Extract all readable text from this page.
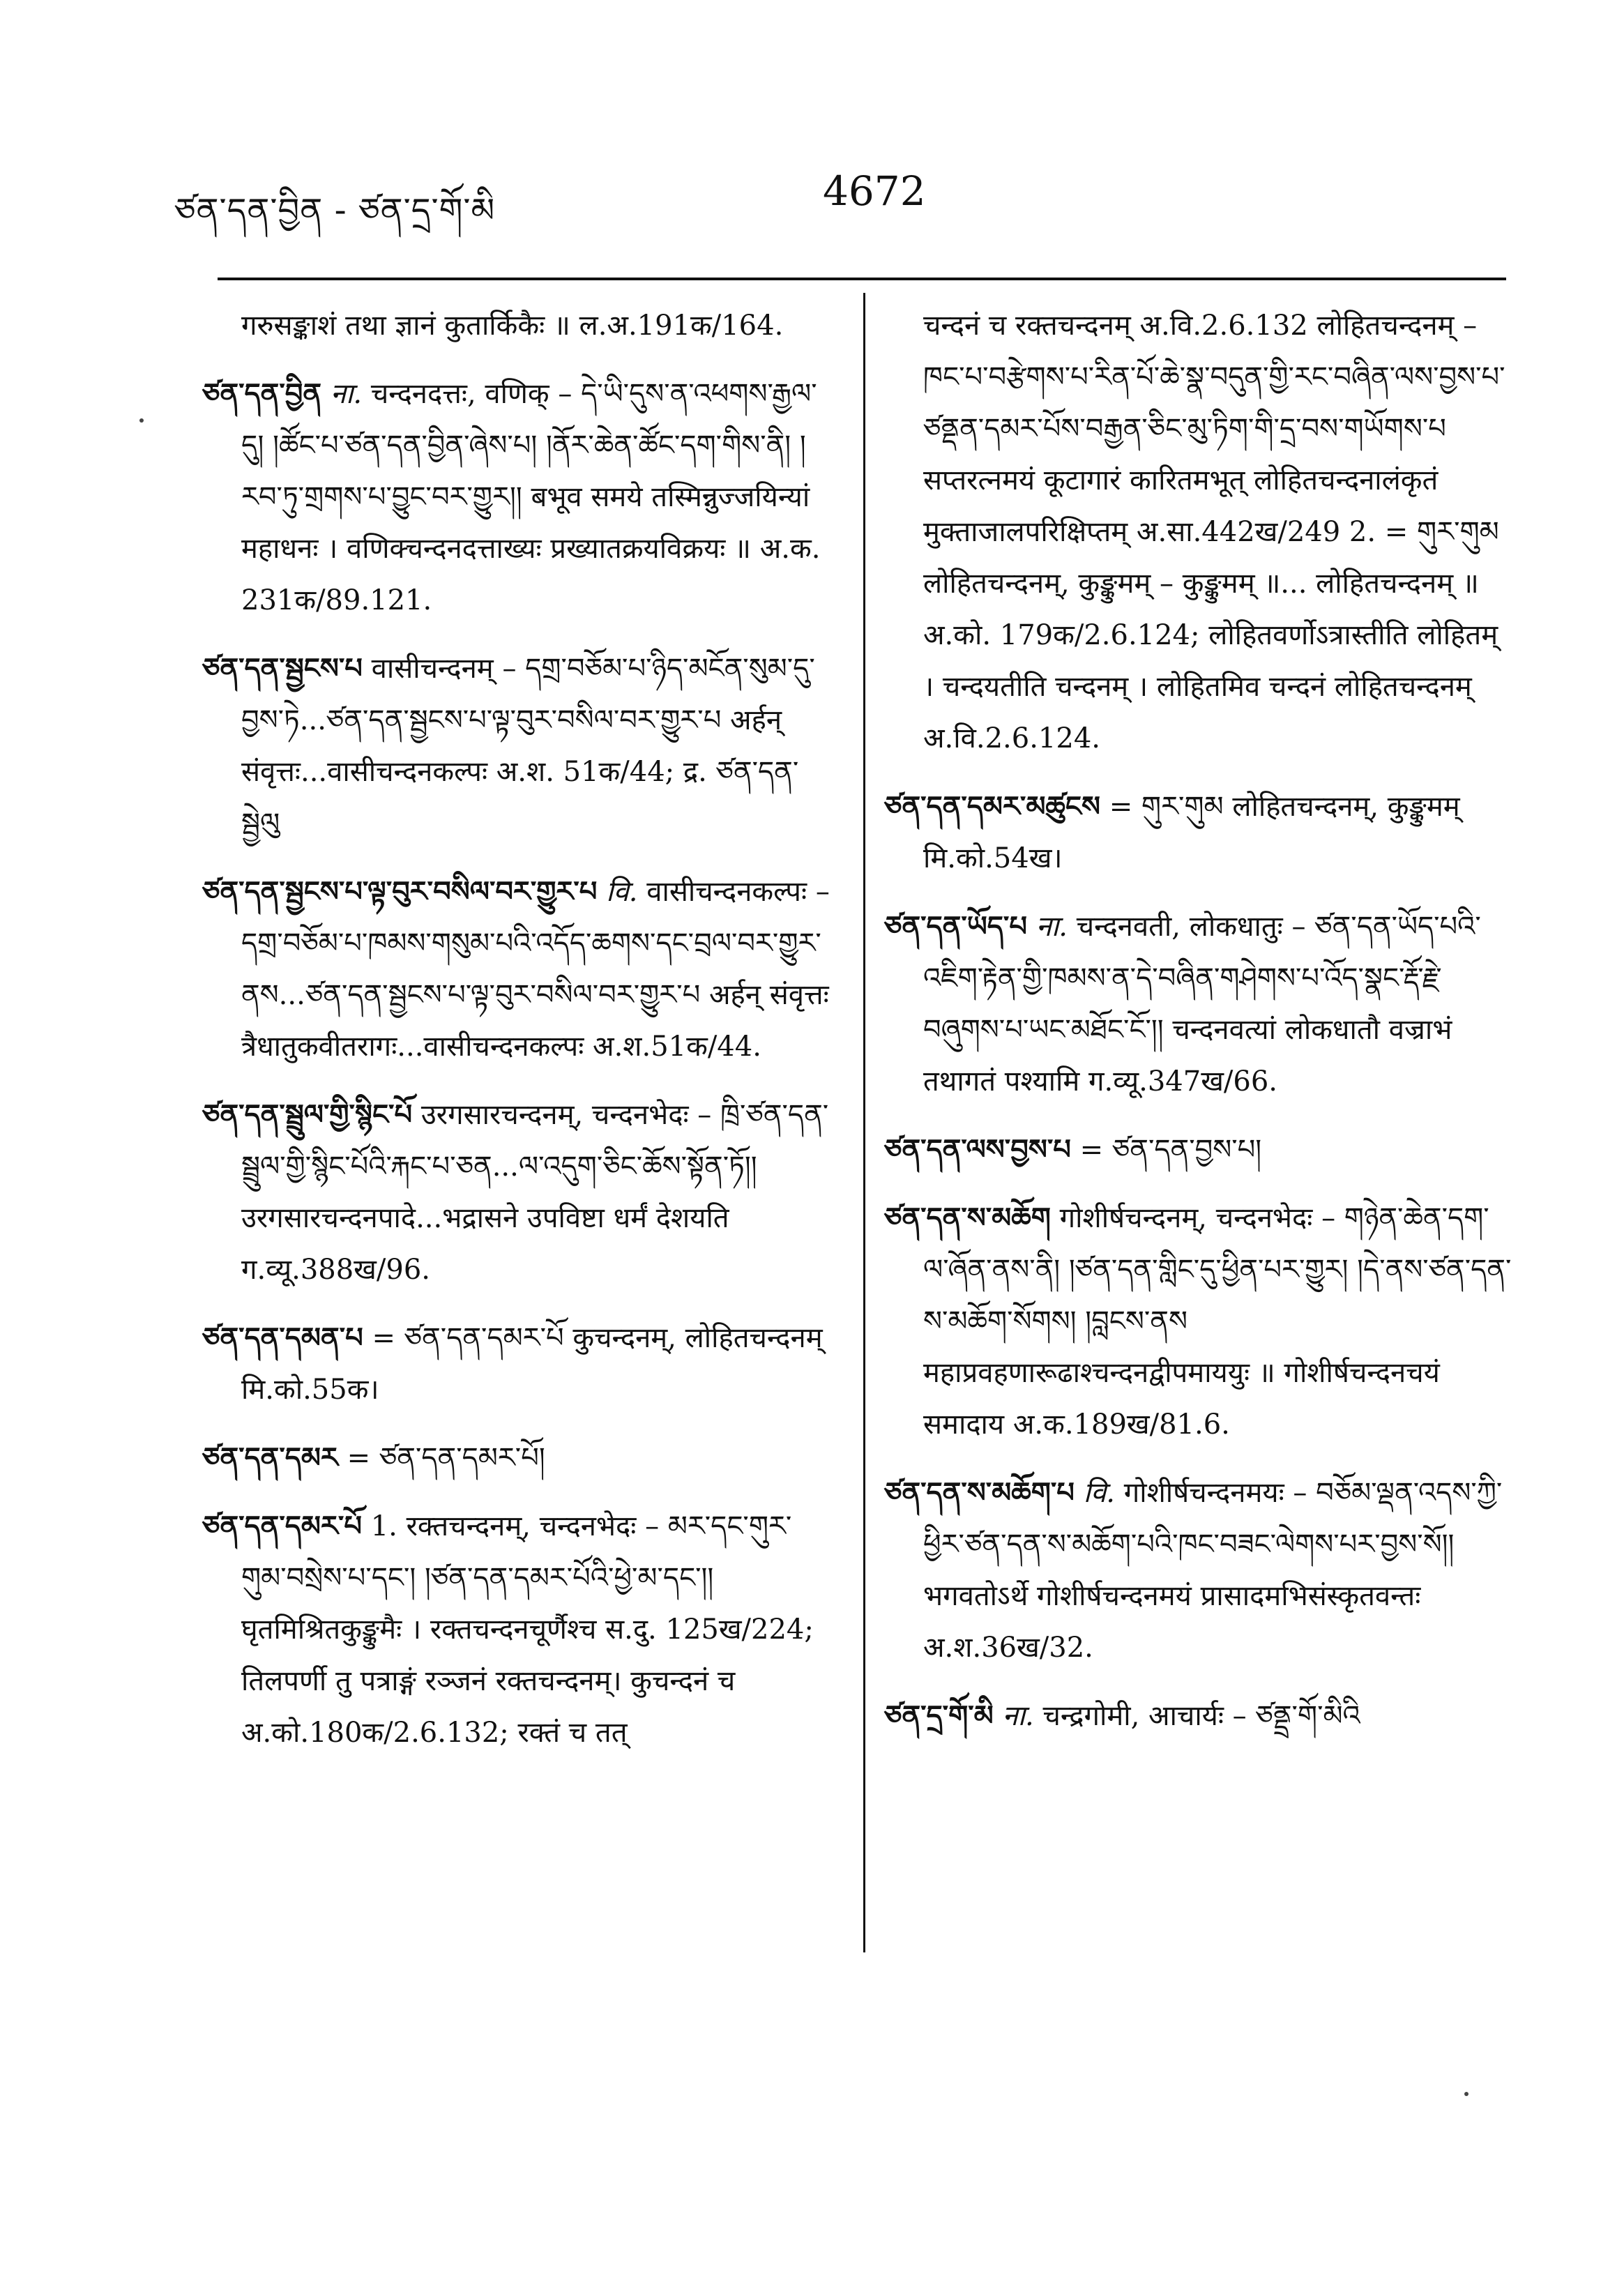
ཙན་དན་བྱིན - ཙན་དྲ་གོ་མི	4672
गरुसङ्काशं तथा ज्ञानं कुतार्किकैः ॥ ल.अ.191क/164.
ཙན་དན་བྱིན ना. चन्दनदत्तः, वणिक् – དེ་ཡི་དུས་ན་འཕགས་རྒྱལ་དུ། །ཚོང་པ་ཙན་དན་བྱིན་ཞེས་པ། །ནོར་ཆེན་ཚོང་དག་གིས་ནི། །རབ་ཏུ་གྲགས་པ་བྱུང་བར་གྱུར།། बभूव समये तस्मिन्नुज्जयिन्यां महाधनः । वणिक्चन्दनदत्ताख्यः प्रख्यातक्रयविक्रयः ॥ अ.क. 231क/89.121.
ཙན་དན་སྦྱངས་པ वासीचन्दनम् – དགྲ་བཅོམ་པ་ཉིད་མངོན་སུམ་དུ་བྱས་ཏེ...ཙན་དན་སྦྱངས་པ་ལྟ་བུར་བསིལ་བར་གྱུར་པ अर्हन् संवृत्तः...वासीचन्दनकल्पः अ.श. 51क/44; द्र. ཙན་དན་སྦྱེལུ
ཙན་དན་སྦྱངས་པ་ལྟ་བུར་བསིལ་བར་གྱུར་པ वि. वासीचन्दनकल्पः – དགྲ་བཅོམ་པ་ཁམས་གསུམ་པའི་འདོད་ཆགས་དང་བྲལ་བར་གྱུར་ནས...ཙན་དན་སྦྱངས་པ་ལྟ་བུར་བསིལ་བར་གྱུར་པ अर्हन् संवृत्तः त्रैधातुकवीतरागः...वासीचन्दनकल्पः अ.श.51क/44.
ཙན་དན་སྦྲུལ་གྱི་སྙིང་པོ उरगसारचन्दनम्, चन्दनभेदः – ཁྲི་ཙན་དན་སྦྲུལ་གྱི་སྙིང་པོའི་རྐང་པ་ཅན...ལ་འདུག་ཅིང་ཆོས་སྟོན་ཏོ།། उरगसारचन्दनपादे...भद्रासने उपविष्टा धर्मं देशयति ग.व्यू.388ख/96.
ཙན་དན་དམན་པ = ཙན་དན་དམར་པོ कुचन्दनम्, लोहितचन्दनम् मि.को.55क।
ཙན་དན་དམར = ཙན་དན་དམར་པོ།
ཙན་དན་དམར་པོ 1. रक्तचन्दनम्, चन्दनभेदः – མར་དང་གུར་གུམ་བསྲེས་པ་དང་། །ཙན་དན་དམར་པོའི་ཕྱེ་མ་དང་།། घृतमिश्रितकुङ्कुमैः । रक्तचन्दनचूर्णैश्च स.दु. 125ख/224; तिलपर्णी तु पत्राङ्गं रञ्जनं रक्तचन्दनम्। कुचन्दनं च अ.को.180क/2.6.132; रक्तं च तत्
चन्दनं च रक्तचन्दनम् अ.वि.2.6.132 लोहितचन्दनम् – ཁང་པ་བརྩེགས་པ་རིན་པོ་ཆེ་སྣ་བདུན་གྱི་རང་བཞིན་ལས་བྱས་པ་ཙནྡན་དམར་པོས་བརྒྱན་ཅིང་མུ་ཏིག་གི་དྲ་བས་གཡོགས་པ सप्तरत्नमयं कूटागारं कारितमभूत् लोहितचन्दनालंकृतं मुक्ताजालपरिक्षिप्तम् अ.सा.442ख/249 2. = གུར་གུམ लोहितचन्दनम्, कुङ्कुमम् – कुङ्कुमम् ॥... लोहितचन्दनम् ॥ अ.को. 179क/2.6.124; लोहितवर्णोऽत्रास्तीति लोहितम् । चन्दयतीति चन्दनम् । लोहितमिव चन्दनं लोहितचन्दनम् अ.वि.2.6.124.
ཙན་དན་དམར་མཚུངས = གུར་གུམ लोहितचन्दनम्, कुङ्कुमम् मि.को.54ख।
ཙན་དན་ཡོད་པ ना. चन्दनवती, लोकधातुः – ཙན་དན་ཡོད་པའི་འཇིག་རྟེན་གྱི་ཁམས་ན་དེ་བཞིན་གཤེགས་པ་འོད་སྣང་རྡོ་རྗེ་བཞུགས་པ་ཡང་མཐོང་ངོ་།། चन्दनवत्यां लोकधातौ वज्राभं तथागतं पश्यामि ग.व्यू.347ख/66.
ཙན་དན་ལས་བྱས་པ = ཙན་དན་བྱས་པ།
ཙན་དན་ས་མཆོག गोशीर्षचन्दनम्, चन्दनभेदः – གཉེན་ཆེན་དག་ལ་ཞོན་ནས་ནི། །ཙན་དན་གླིང་དུ་ཕྱིན་པར་གྱུར། །དེ་ནས་ཙན་དན་ས་མཆོག་སོགས། །བླངས་ནས महाप्रवहणारूढाश्चन्दनद्वीपमाययुः ॥ गोशीर्षचन्दनचयं समादाय अ.क.189ख/81.6.
ཙན་དན་ས་མཆོག་པ वि. गोशीर्षचन्दनमयः – བཅོམ་ལྡན་འདས་ཀྱི་ཕྱིར་ཙན་དན་ས་མཆོག་པའི་ཁང་བཟང་ལེགས་པར་བྱས་སོ།། भगवतोऽर्थे गोशीर्षचन्दनमयं प्रासादमभिसंस्कृतवन्तः अ.श.36ख/32.
ཙན་དྲ་གོ་མི ना. चन्द्रगोमी, आचार्यः – ཙནྡྲ་གོ་མིའི
